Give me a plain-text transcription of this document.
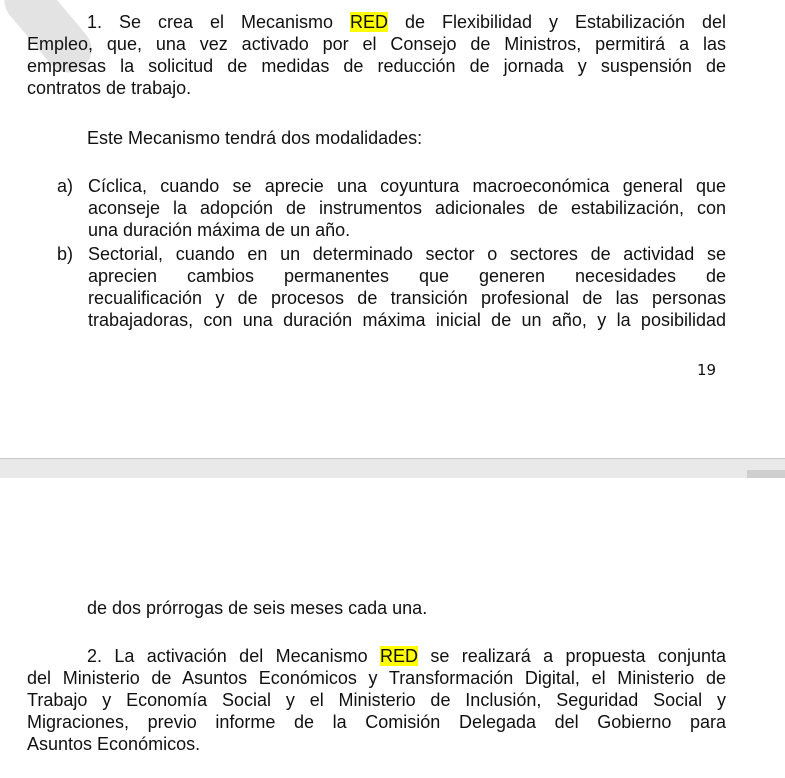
1. Se crea el Mecanismo RED de Flexibilidad y Estabilización del
Empleo, que, una vez activado por el Consejo de Ministros, permitirá a las
empresas la solicitud de medidas de reducción de jornada y suspensión de
contratos de trabajo.
Este Mecanismo tendrá dos modalidades:
a) Cíclica, cuando se aprecie una coyuntura macroeconómica general que
aconseje la adopción de instrumentos adicionales de estabilización, con
una duración máxima de un año.
b) Sectorial, cuando en un determinado sector o sectores de actividad se
aprecien cambios permanentes que generen necesidades de
recualificación y de procesos de transición profesional de las personas
trabajadoras, con una duración máxima inicial de un año, y la posibilidad
19
de dos prórrogas de seis meses cada una.
2. La activación del Mecanismo RED se realizará a propuesta conjunta
del Ministerio de Asuntos Económicos y Transformación Digital, el Ministerio de
Trabajo y Economía Social y el Ministerio de Inclusión, Seguridad Social y
Migraciones, previo informe de la Comisión Delegada del Gobierno para
Asuntos Económicos.
